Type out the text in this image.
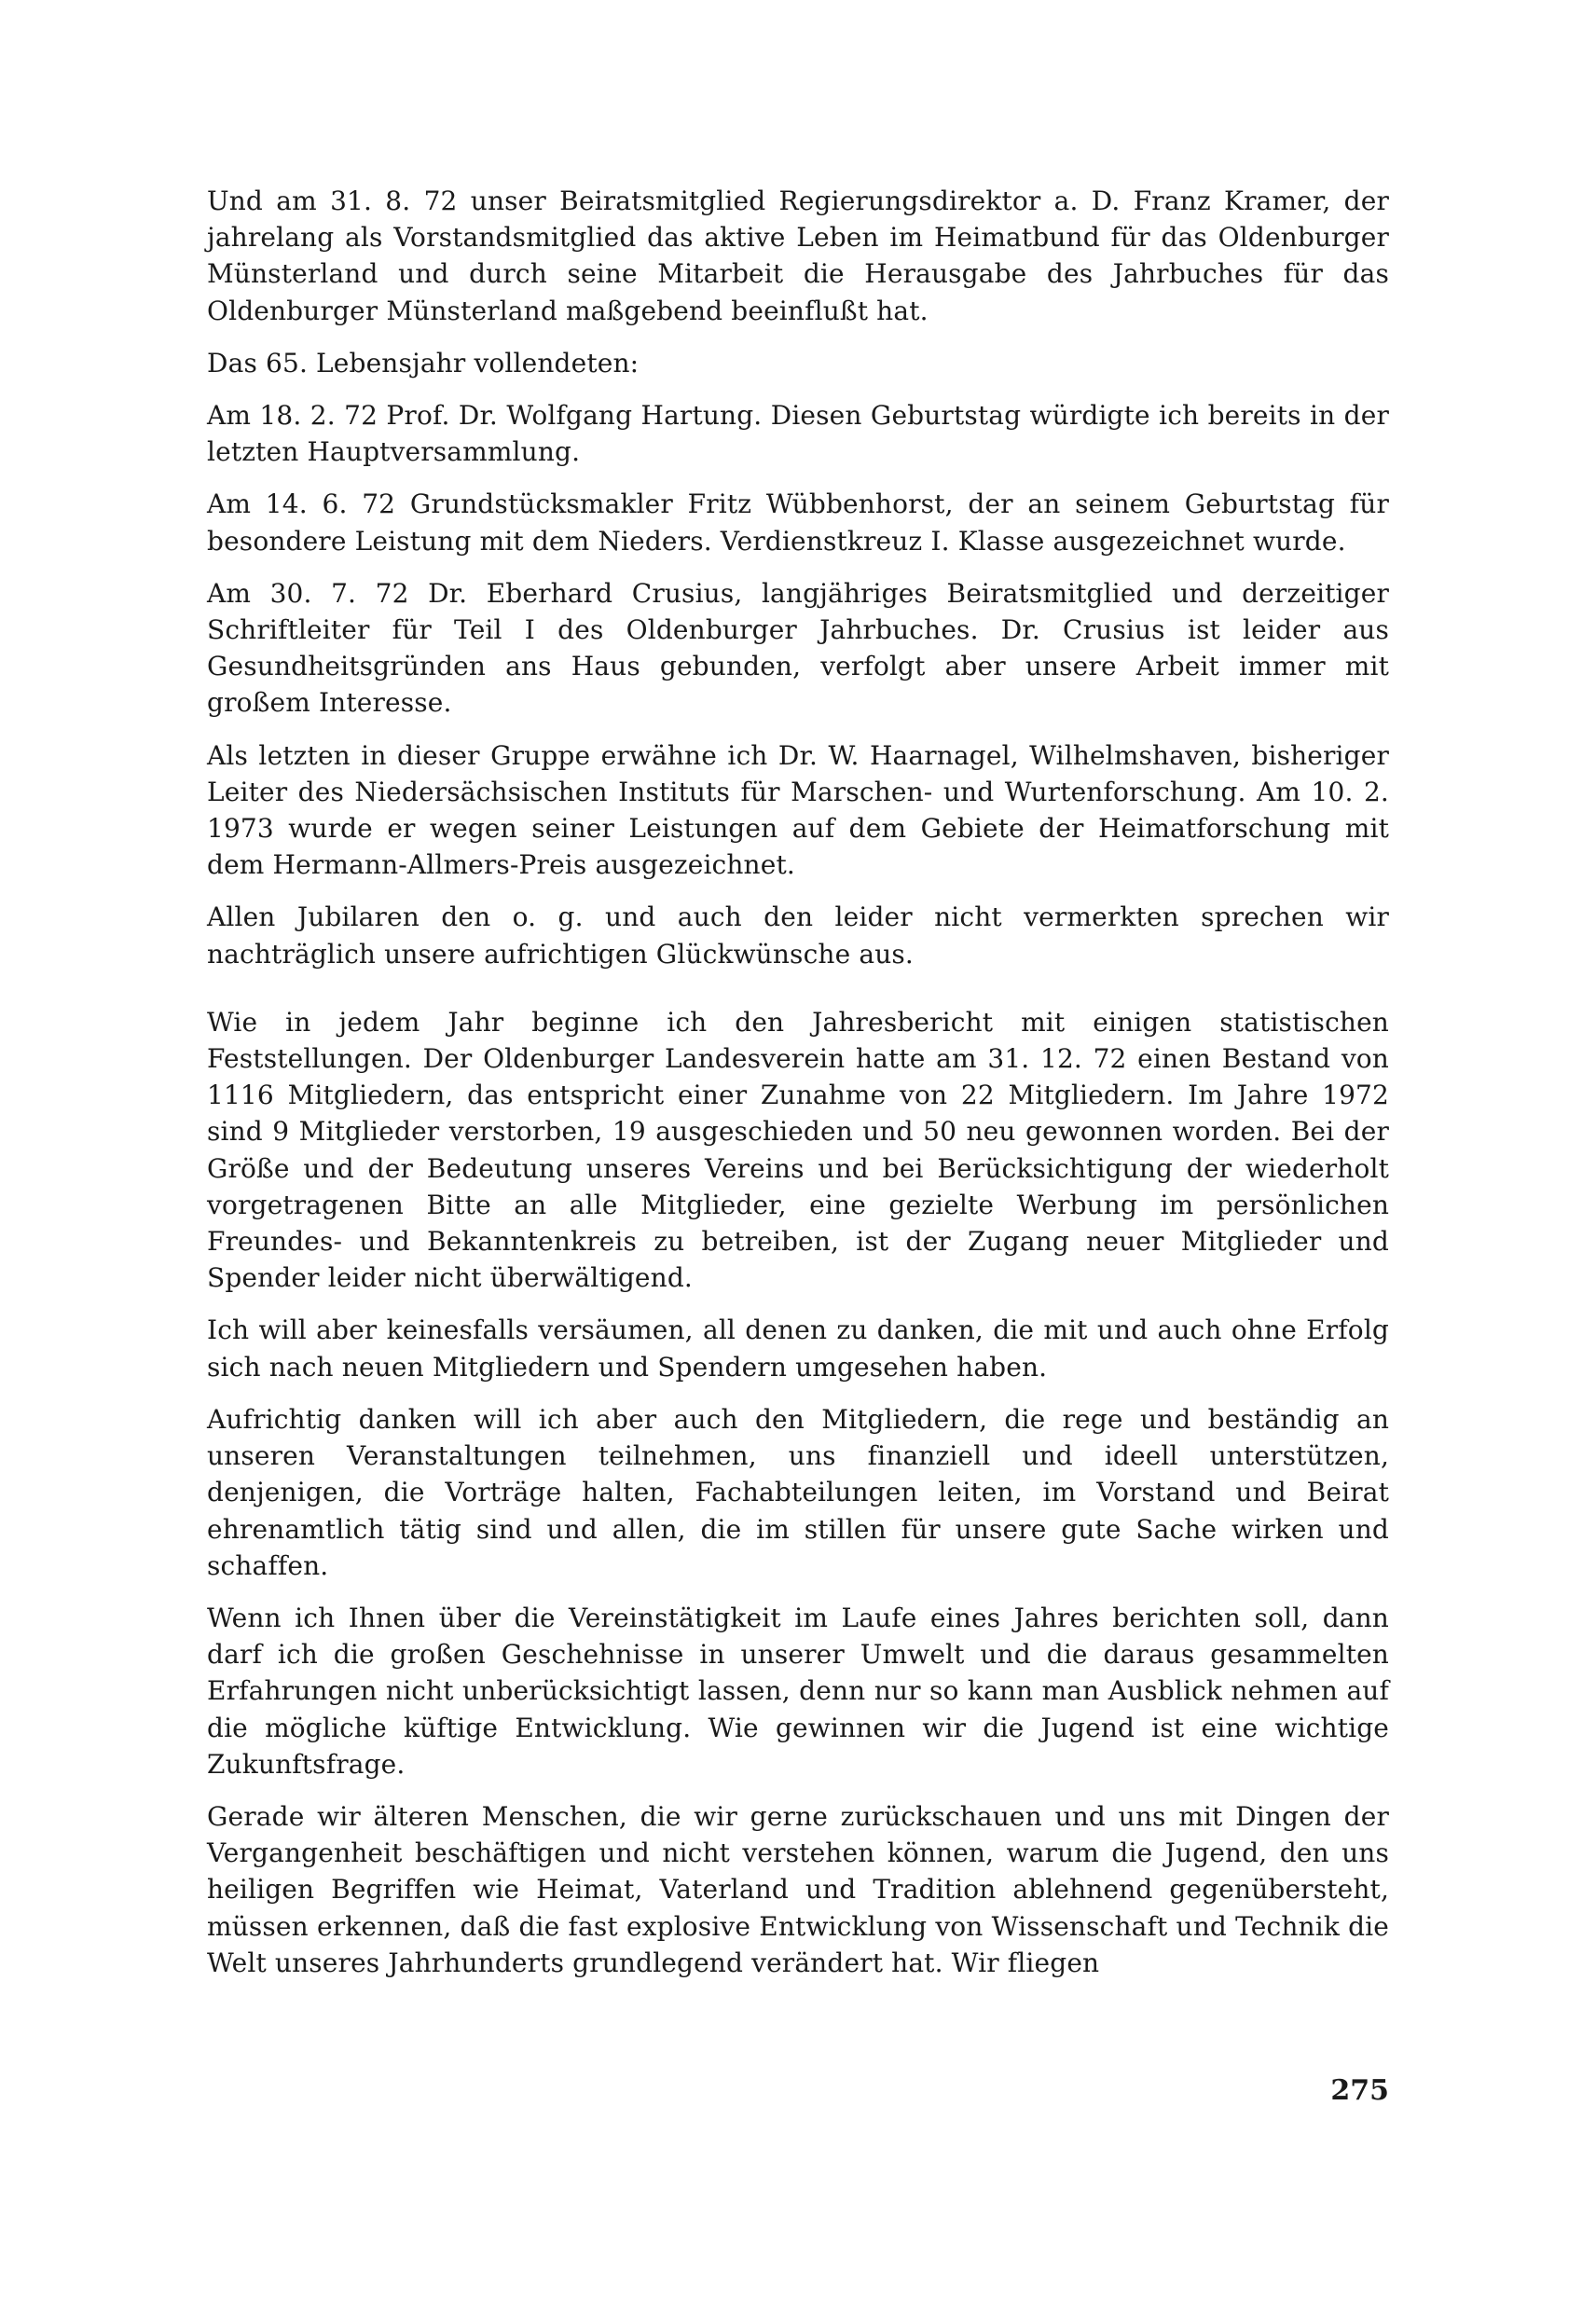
Und am 31. 8. 72 unser Beiratsmitglied Regierungsdirektor a. D. Franz Kramer, der jahrelang als Vorstandsmitglied das aktive Leben im Heimatbund für das Oldenburger Münsterland und durch seine Mitarbeit die Herausgabe des Jahrbuches für das Oldenburger Münsterland maßgebend beeinflußt hat.

Das 65. Lebensjahr vollendeten:

Am 18. 2. 72 Prof. Dr. Wolfgang Hartung. Diesen Geburtstag würdigte ich bereits in der letzten Hauptversammlung.

Am 14. 6. 72 Grundstücksmakler Fritz Wübbenhorst, der an seinem Geburtstag für besondere Leistung mit dem Nieders. Verdienstkreuz I. Klasse ausgezeichnet wurde.

Am 30. 7. 72 Dr. Eberhard Crusius, langjähriges Beiratsmitglied und derzeitiger Schriftleiter für Teil I des Oldenburger Jahrbuches. Dr. Crusius ist leider aus Gesundheitsgründen ans Haus gebunden, verfolgt aber unsere Arbeit immer mit großem Interesse.

Als letzten in dieser Gruppe erwähne ich Dr. W. Haarnagel, Wilhelmshaven, bisheriger Leiter des Niedersächsischen Instituts für Marschen- und Wurtenforschung. Am 10. 2. 1973 wurde er wegen seiner Leistungen auf dem Gebiete der Heimatforschung mit dem Hermann-Allmers-Preis ausgezeichnet.

Allen Jubilaren den o. g. und auch den leider nicht vermerkten sprechen wir nachträglich unsere aufrichtigen Glückwünsche aus.

Wie in jedem Jahr beginne ich den Jahresbericht mit einigen statistischen Feststellungen. Der Oldenburger Landesverein hatte am 31. 12. 72 einen Bestand von 1116 Mitgliedern, das entspricht einer Zunahme von 22 Mitgliedern. Im Jahre 1972 sind 9 Mitglieder verstorben, 19 ausgeschieden und 50 neu gewonnen worden. Bei der Größe und der Bedeutung unseres Vereins und bei Berücksichtigung der wiederholt vorgetragenen Bitte an alle Mitglieder, eine gezielte Werbung im persönlichen Freundes- und Bekanntenkreis zu betreiben, ist der Zugang neuer Mitglieder und Spender leider nicht überwältigend.

Ich will aber keinesfalls versäumen, all denen zu danken, die mit und auch ohne Erfolg sich nach neuen Mitgliedern und Spendern umgesehen haben.

Aufrichtig danken will ich aber auch den Mitgliedern, die rege und beständig an unseren Veranstaltungen teilnehmen, uns finanziell und ideell unterstützen, denjenigen, die Vorträge halten, Fachabteilungen leiten, im Vorstand und Beirat ehrenamtlich tätig sind und allen, die im stillen für unsere gute Sache wirken und schaffen.

Wenn ich Ihnen über die Vereinstätigkeit im Laufe eines Jahres berichten soll, dann darf ich die großen Geschehnisse in unserer Umwelt und die daraus gesammelten Erfahrungen nicht unberücksichtigt lassen, denn nur so kann man Ausblick nehmen auf die mögliche küftige Entwicklung. Wie gewinnen wir die Jugend ist eine wichtige Zukunftsfrage.

Gerade wir älteren Menschen, die wir gerne zurückschauen und uns mit Dingen der Vergangenheit beschäftigen und nicht verstehen können, warum die Jugend, den uns heiligen Begriffen wie Heimat, Vaterland und Tradition ablehnend gegenübersteht, müssen erkennen, daß die fast explosive Entwicklung von Wissenschaft und Technik die Welt unseres Jahrhunderts grundlegend verändert hat. Wir fliegen

275
